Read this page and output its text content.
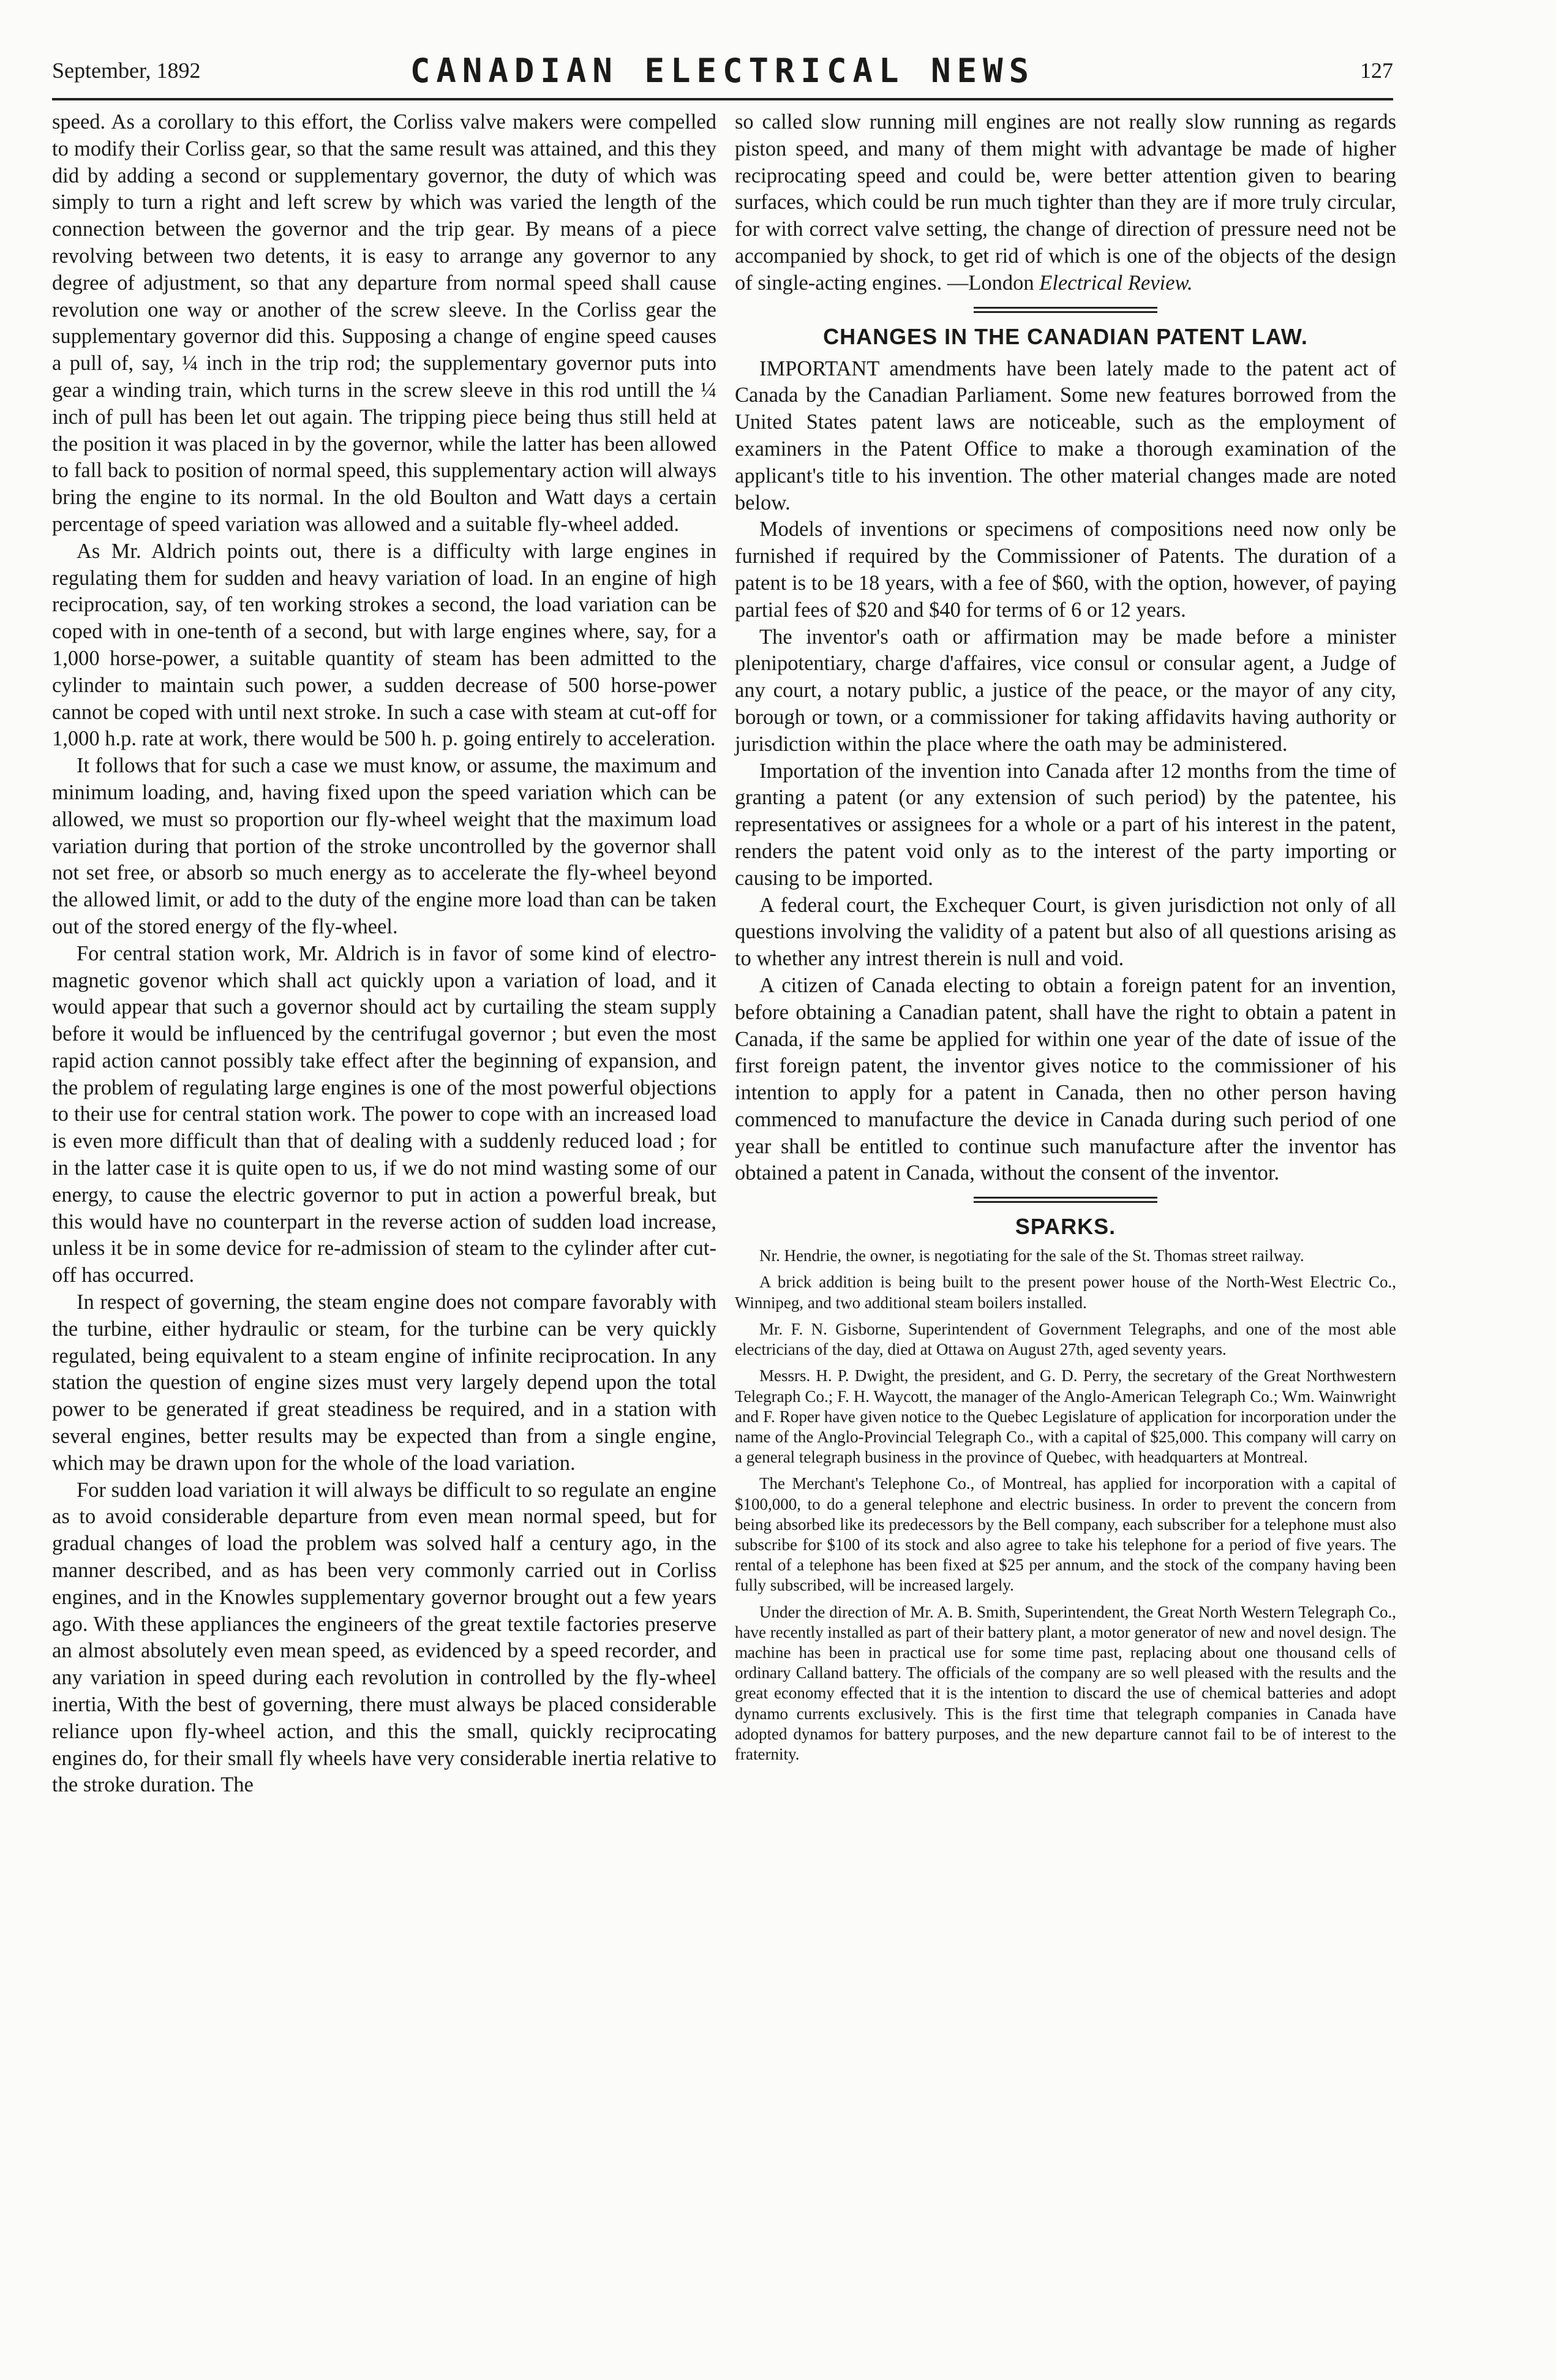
September, 1892	CANADIAN ELECTRICAL NEWS	127

speed. As a corollary to this effort, the Corliss valve makers were compelled to modify their Corliss gear, so that the same result was attained, and this they did by adding a second or supplementary governor, the duty of which was simply to turn a right and left screw by which was varied the length of the connection between the governor and the trip gear. By means of a piece revolving between two detents, it is easy to arrange any governor to any degree of adjustment, so that any departure from normal speed shall cause revolution one way or another of the screw sleeve. In the Corliss gear the supplementary governor did this. Supposing a change of engine speed causes a pull of, say, ¼ inch in the trip rod; the supplementary governor puts into gear a winding train, which turns in the screw sleeve in this rod untill the ¼ inch of pull has been let out again. The tripping piece being thus still held at the position it was placed in by the governor, while the latter has been allowed to fall back to position of normal speed, this supplementary action will always bring the engine to its normal. In the old Boulton and Watt days a certain percentage of speed variation was allowed and a suitable fly-wheel added.

As Mr. Aldrich points out, there is a difficulty with large engines in regulating them for sudden and heavy variation of load. In an engine of high reciprocation, say, of ten working strokes a second, the load variation can be coped with in one-tenth of a second, but with large engines where, say, for a 1,000 horse-power, a suitable quantity of steam has been admitted to the cylinder to maintain such power, a sudden decrease of 500 horse-power cannot be coped with until next stroke. In such a case with steam at cut-off for 1,000 h.p. rate at work, there would be 500 h. p. going entirely to acceleration.

It follows that for such a case we must know, or assume, the maximum and minimum loading, and, having fixed upon the speed variation which can be allowed, we must so proportion our fly-wheel weight that the maximum load variation during that portion of the stroke uncontrolled by the governor shall not set free, or absorb so much energy as to accelerate the fly-wheel beyond the allowed limit, or add to the duty of the engine more load than can be taken out of the stored energy of the fly-wheel.

For central station work, Mr. Aldrich is in favor of some kind of electro-magnetic govenor which shall act quickly upon a variation of load, and it would appear that such a governor should act by curtailing the steam supply before it would be influenced by the centrifugal governor ; but even the most rapid action cannot possibly take effect after the beginning of expansion, and the problem of regulating large engines is one of the most powerful objections to their use for central station work. The power to cope with an increased load is even more difficult than that of dealing with a suddenly reduced load ; for in the latter case it is quite open to us, if we do not mind wasting some of our energy, to cause the electric governor to put in action a powerful break, but this would have no counterpart in the reverse action of sudden load increase, unless it be in some device for re-admission of steam to the cylinder after cut-off has occurred.

In respect of governing, the steam engine does not compare favorably with the turbine, either hydraulic or steam, for the turbine can be very quickly regulated, being equivalent to a steam engine of infinite reciprocation. In any station the question of engine sizes must very largely depend upon the total power to be generated if great steadiness be required, and in a station with several engines, better results may be expected than from a single engine, which may be drawn upon for the whole of the load variation.

For sudden load variation it will always be difficult to so regulate an engine as to avoid considerable departure from even mean normal speed, but for gradual changes of load the problem was solved half a century ago, in the manner described, and as has been very commonly carried out in Corliss engines, and in the Knowles supplementary governor brought out a few years ago. With these appliances the engineers of the great textile factories preserve an almost absolutely even mean speed, as evidenced by a speed recorder, and any variation in speed during each revolution in controlled by the fly-wheel inertia, With the best of governing, there must always be placed considerable reliance upon fly-wheel action, and this the small, quickly reciprocating engines do, for their small fly wheels have very considerable inertia relative to the stroke duration. The

so called slow running mill engines are not really slow running as regards piston speed, and many of them might with advantage be made of higher reciprocating speed and could be, were better attention given to bearing surfaces, which could be run much tighter than they are if more truly circular, for with correct valve setting, the change of direction of pressure need not be accompanied by shock, to get rid of which is one of the objects of the design of single-acting engines. —London Electrical Review.

CHANGES IN THE CANADIAN PATENT LAW.

IMPORTANT amendments have been lately made to the patent act of Canada by the Canadian Parliament. Some new features borrowed from the United States patent laws are noticeable, such as the employment of examiners in the Patent Office to make a thorough examination of the applicant's title to his invention. The other material changes made are noted below.

Models of inventions or specimens of compositions need now only be furnished if required by the Commissioner of Patents. The duration of a patent is to be 18 years, with a fee of $60, with the option, however, of paying partial fees of $20 and $40 for terms of 6 or 12 years.

The inventor's oath or affirmation may be made before a minister plenipotentiary, charge d'affaires, vice consul or consular agent, a Judge of any court, a notary public, a justice of the peace, or the mayor of any city, borough or town, or a commissioner for taking affidavits having authority or jurisdiction within the place where the oath may be administered.

Importation of the invention into Canada after 12 months from the time of granting a patent (or any extension of such period) by the patentee, his representatives or assignees for a whole or a part of his interest in the patent, renders the patent void only as to the interest of the party importing or causing to be imported.

A federal court, the Exchequer Court, is given jurisdiction not only of all questions involving the validity of a patent but also of all questions arising as to whether any intrest therein is null and void.

A citizen of Canada electing to obtain a foreign patent for an invention, before obtaining a Canadian patent, shall have the right to obtain a patent in Canada, if the same be applied for within one year of the date of issue of the first foreign patent, the inventor gives notice to the commissioner of his intention to apply for a patent in Canada, then no other person having commenced to manufacture the device in Canada during such period of one year shall be entitled to continue such manufacture after the inventor has obtained a patent in Canada, without the consent of the inventor.

SPARKS.

Nr. Hendrie, the owner, is negotiating for the sale of the St. Thomas street railway.

A brick addition is being built to the present power house of the North-West Electric Co., Winnipeg, and two additional steam boilers installed.

Mr. F. N. Gisborne, Superintendent of Government Telegraphs, and one of the most able electricians of the day, died at Ottawa on August 27th, aged seventy years.

Messrs. H. P. Dwight, the president, and G. D. Perry, the secretary of the Great Northwestern Telegraph Co.; F. H. Waycott, the manager of the Anglo-American Telegraph Co.; Wm. Wainwright and F. Roper have given notice to the Quebec Legislature of application for incorporation under the name of the Anglo-Provincial Telegraph Co., with a capital of $25,000. This company will carry on a general telegraph business in the province of Quebec, with headquarters at Montreal.

The Merchant's Telephone Co., of Montreal, has applied for incorporation with a capital of $100,000, to do a general telephone and electric business. In order to prevent the concern from being absorbed like its predecessors by the Bell company, each subscriber for a telephone must also subscribe for $100 of its stock and also agree to take his telephone for a period of five years. The rental of a telephone has been fixed at $25 per annum, and the stock of the company having been fully subscribed, will be increased largely.

Under the direction of Mr. A. B. Smith, Superintendent, the Great North Western Telegraph Co., have recently installed as part of their battery plant, a motor generator of new and novel design. The machine has been in practical use for some time past, replacing about one thousand cells of ordinary Calland battery. The officials of the company are so well pleased with the results and the great economy effected that it is the intention to discard the use of chemical batteries and adopt dynamo currents exclusively. This is the first time that telegraph companies in Canada have adopted dynamos for battery purposes, and the new departure cannot fail to be of interest to the fraternity.
